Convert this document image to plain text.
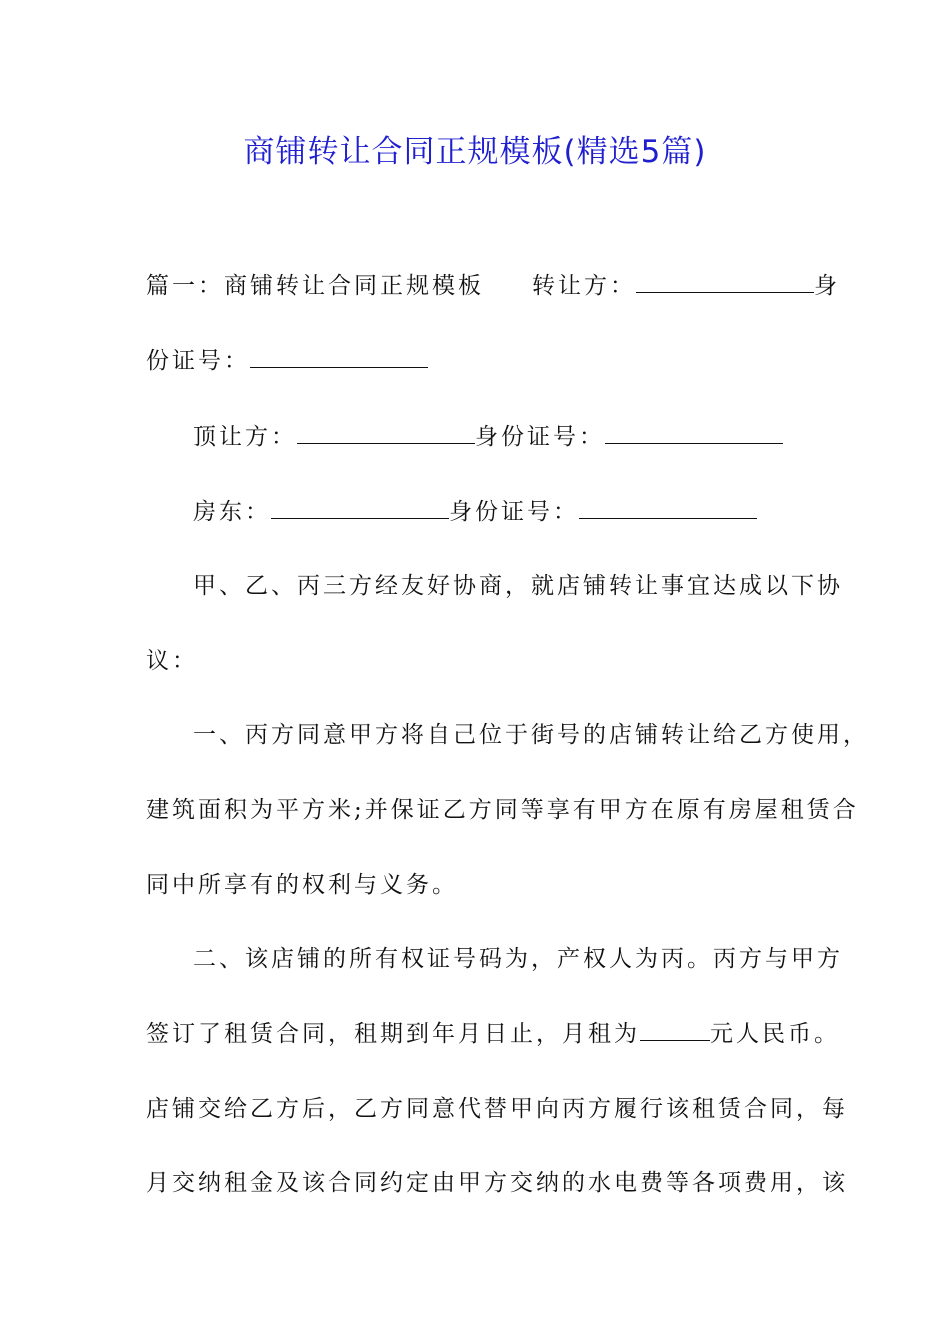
商铺转让合同正规模板(精选5篇)
篇一：商铺转让合同正规模板 转让方：	身
份证号：
顶让方：	身份证号：
房东：	身份证号：
甲、乙、丙三方经友好协商，就店铺转让事宜达成以下协
议：
一、丙方同意甲方将自己位于街号的店铺转让给乙方使用，
建筑面积为平方米;并保证乙方同等享有甲方在原有房屋租赁合
同中所享有的权利与义务。
二、该店铺的所有权证号码为，产权人为丙。丙方与甲方
签订了租赁合同，租期到年月日止，月租为	元人民币。
店铺交给乙方后，乙方同意代替甲向丙方履行该租赁合同，每
月交纳租金及该合同约定由甲方交纳的水电费等各项费用，该
